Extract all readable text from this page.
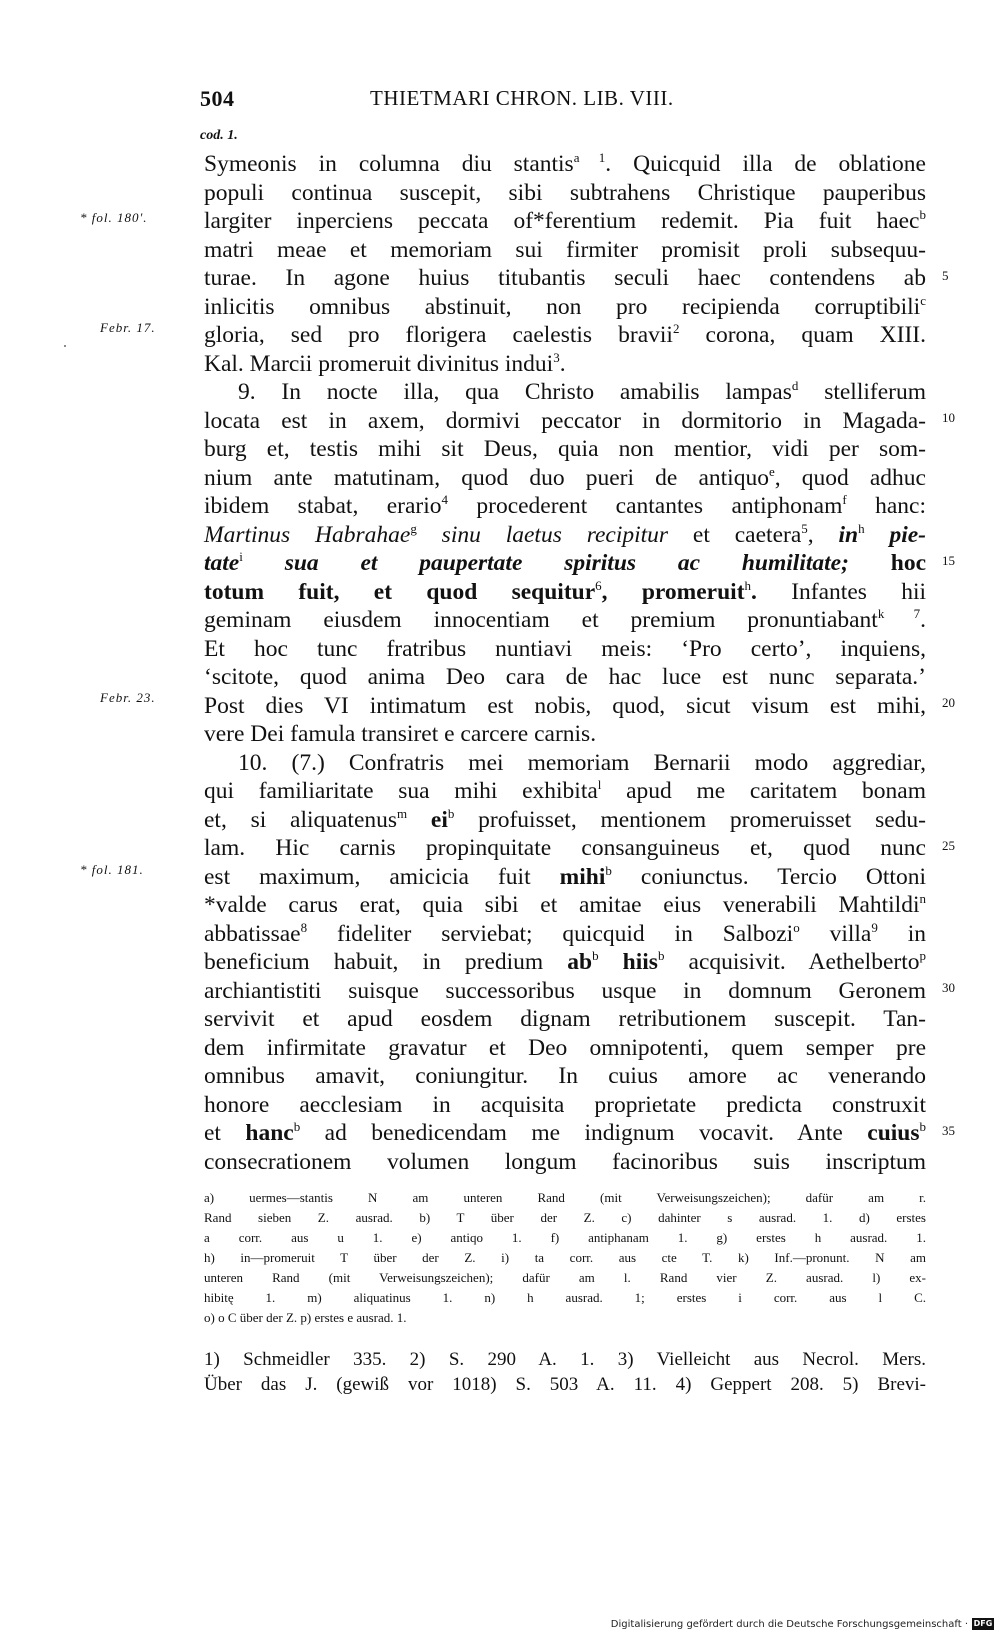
504	THIETMARI CHRON. LIB. VIII.
cod. 1.
* fol. 180'.
Febr. 17.
Febr. 23.
* fol. 181.
5
10
15
20
25
30
35
Symeonis in columna diu stantis$^{a 1}$. Quicquid illa de oblatione
populi continua suscepit, sibi subtrahens Christique pauperibus
largiter inperciens peccata of*ferentium redemit. Pia fuit haec$^b$
matri meae et memoriam sui firmiter promisit proli subsequu-
turae. In agone huius titubantis seculi haec contendens ab
inlicitis omnibus abstinuit, non pro recipienda corruptibili$^c$
gloria, sed pro florigera caelestis bravii$^2$ corona, quam XIII.
Kal. Marcii promeruit divinitus indui$^3$.
9. In nocte illa, qua Christo amabilis lampas$^d$ stelliferum
locata est in axem, dormivi peccator in dormitorio in Magada-
burg et, testis mihi sit Deus, quia non mentior, vidi per som-
nium ante matutinam, quod duo pueri de antiquo$^e$, quod adhuc
ibidem stabat, erario$^4$ procederent cantantes antiphonam$^f$ hanc:
Martinus Habrahae$^g$ sinu laetus recipitur et caetera$^5$, $in^h$ pie-
tate$^i$ sua et paupertate spiritus ac humilitate; hoc
totum fuit, et quod sequitur$^6$, promeruit$^h$. Infantes hii
geminam eiusdem innocentiam et premium pronuntiabant$^{k 7}$.
Et hoc tunc fratribus nuntiavi meis: ‘Pro certo’, inquiens,
‘scitote, quod anima Deo cara de hac luce est nunc separata.’
Post dies VI intimatum est nobis, quod, sicut visum est mihi,
vere Dei famula transiret e carcere carnis.
10. (7.) Confratris mei memoriam Bernarii modo aggrediar,
qui familiaritate sua mihi exhibita$^l$ apud me caritatem bonam
et, si aliquatenus$^m$ $ei^b$ profuisset, mentionem promeruisset sedu-
lam. Hic carnis propinquitate consanguineus et, quod nunc
est maximum, amicicia fuit mihi$^b$ coniunctus. Tercio Ottoni
*valde carus erat, quia sibi et amitae eius venerabili Mahtildi$^n$
abbatissae$^8$ fideliter serviebat; quicquid in Salbozi$^o$ villa$^9$ in
beneficium habuit, in predium $ab^b$ hiis$^b$ acquisivit. Aethelberto$^p$
archiantistiti suisque successoribus usque in domnum Geronem
servivit et apud eosdem dignam retributionem suscepit. Tan-
dem infirmitate gravatur et Deo omnipotenti, quem semper pre
omnibus amavit, coniungitur. In cuius amore ac venerando
honore aecclesiam in acquisita proprietate predicta construxit
et hanc$^b$ ad benedicendam me indignum vocavit. Ante cuius$^b$
consecrationem volumen longum facinoribus suis inscriptum
a) uermes—stantis N am unteren Rand (mit Verweisungszeichen); dafür am r.
Rand sieben Z. ausrad. b) T über der Z. c) dahinter s ausrad. 1. d) erstes
a corr. aus u 1. e) antiqo 1. f) antiphanam 1. g) erstes h ausrad. 1.
h) in—promeruit T über der Z. i) ta corr. aus cte T. k) Inf.—pronunt. N am
unteren Rand (mit Verweisungszeichen); dafür am l. Rand vier Z. ausrad. l) ex-
hibitę 1. m) aliquatinus 1. n) h ausrad. 1; erstes i corr. aus l C.
o) o C über der Z. p) erstes e ausrad. 1.
1) Schmeidler 335. 2) S. 290 A. 1. 3) Vielleicht aus Necrol. Mers.
Über das J. (gewiß vor 1018) S. 503 A. 11. 4) Geppert 208. 5) Brevi-
Digitalisierung gefördert durch die Deutsche Forschungsgemeinschaft · DFG
